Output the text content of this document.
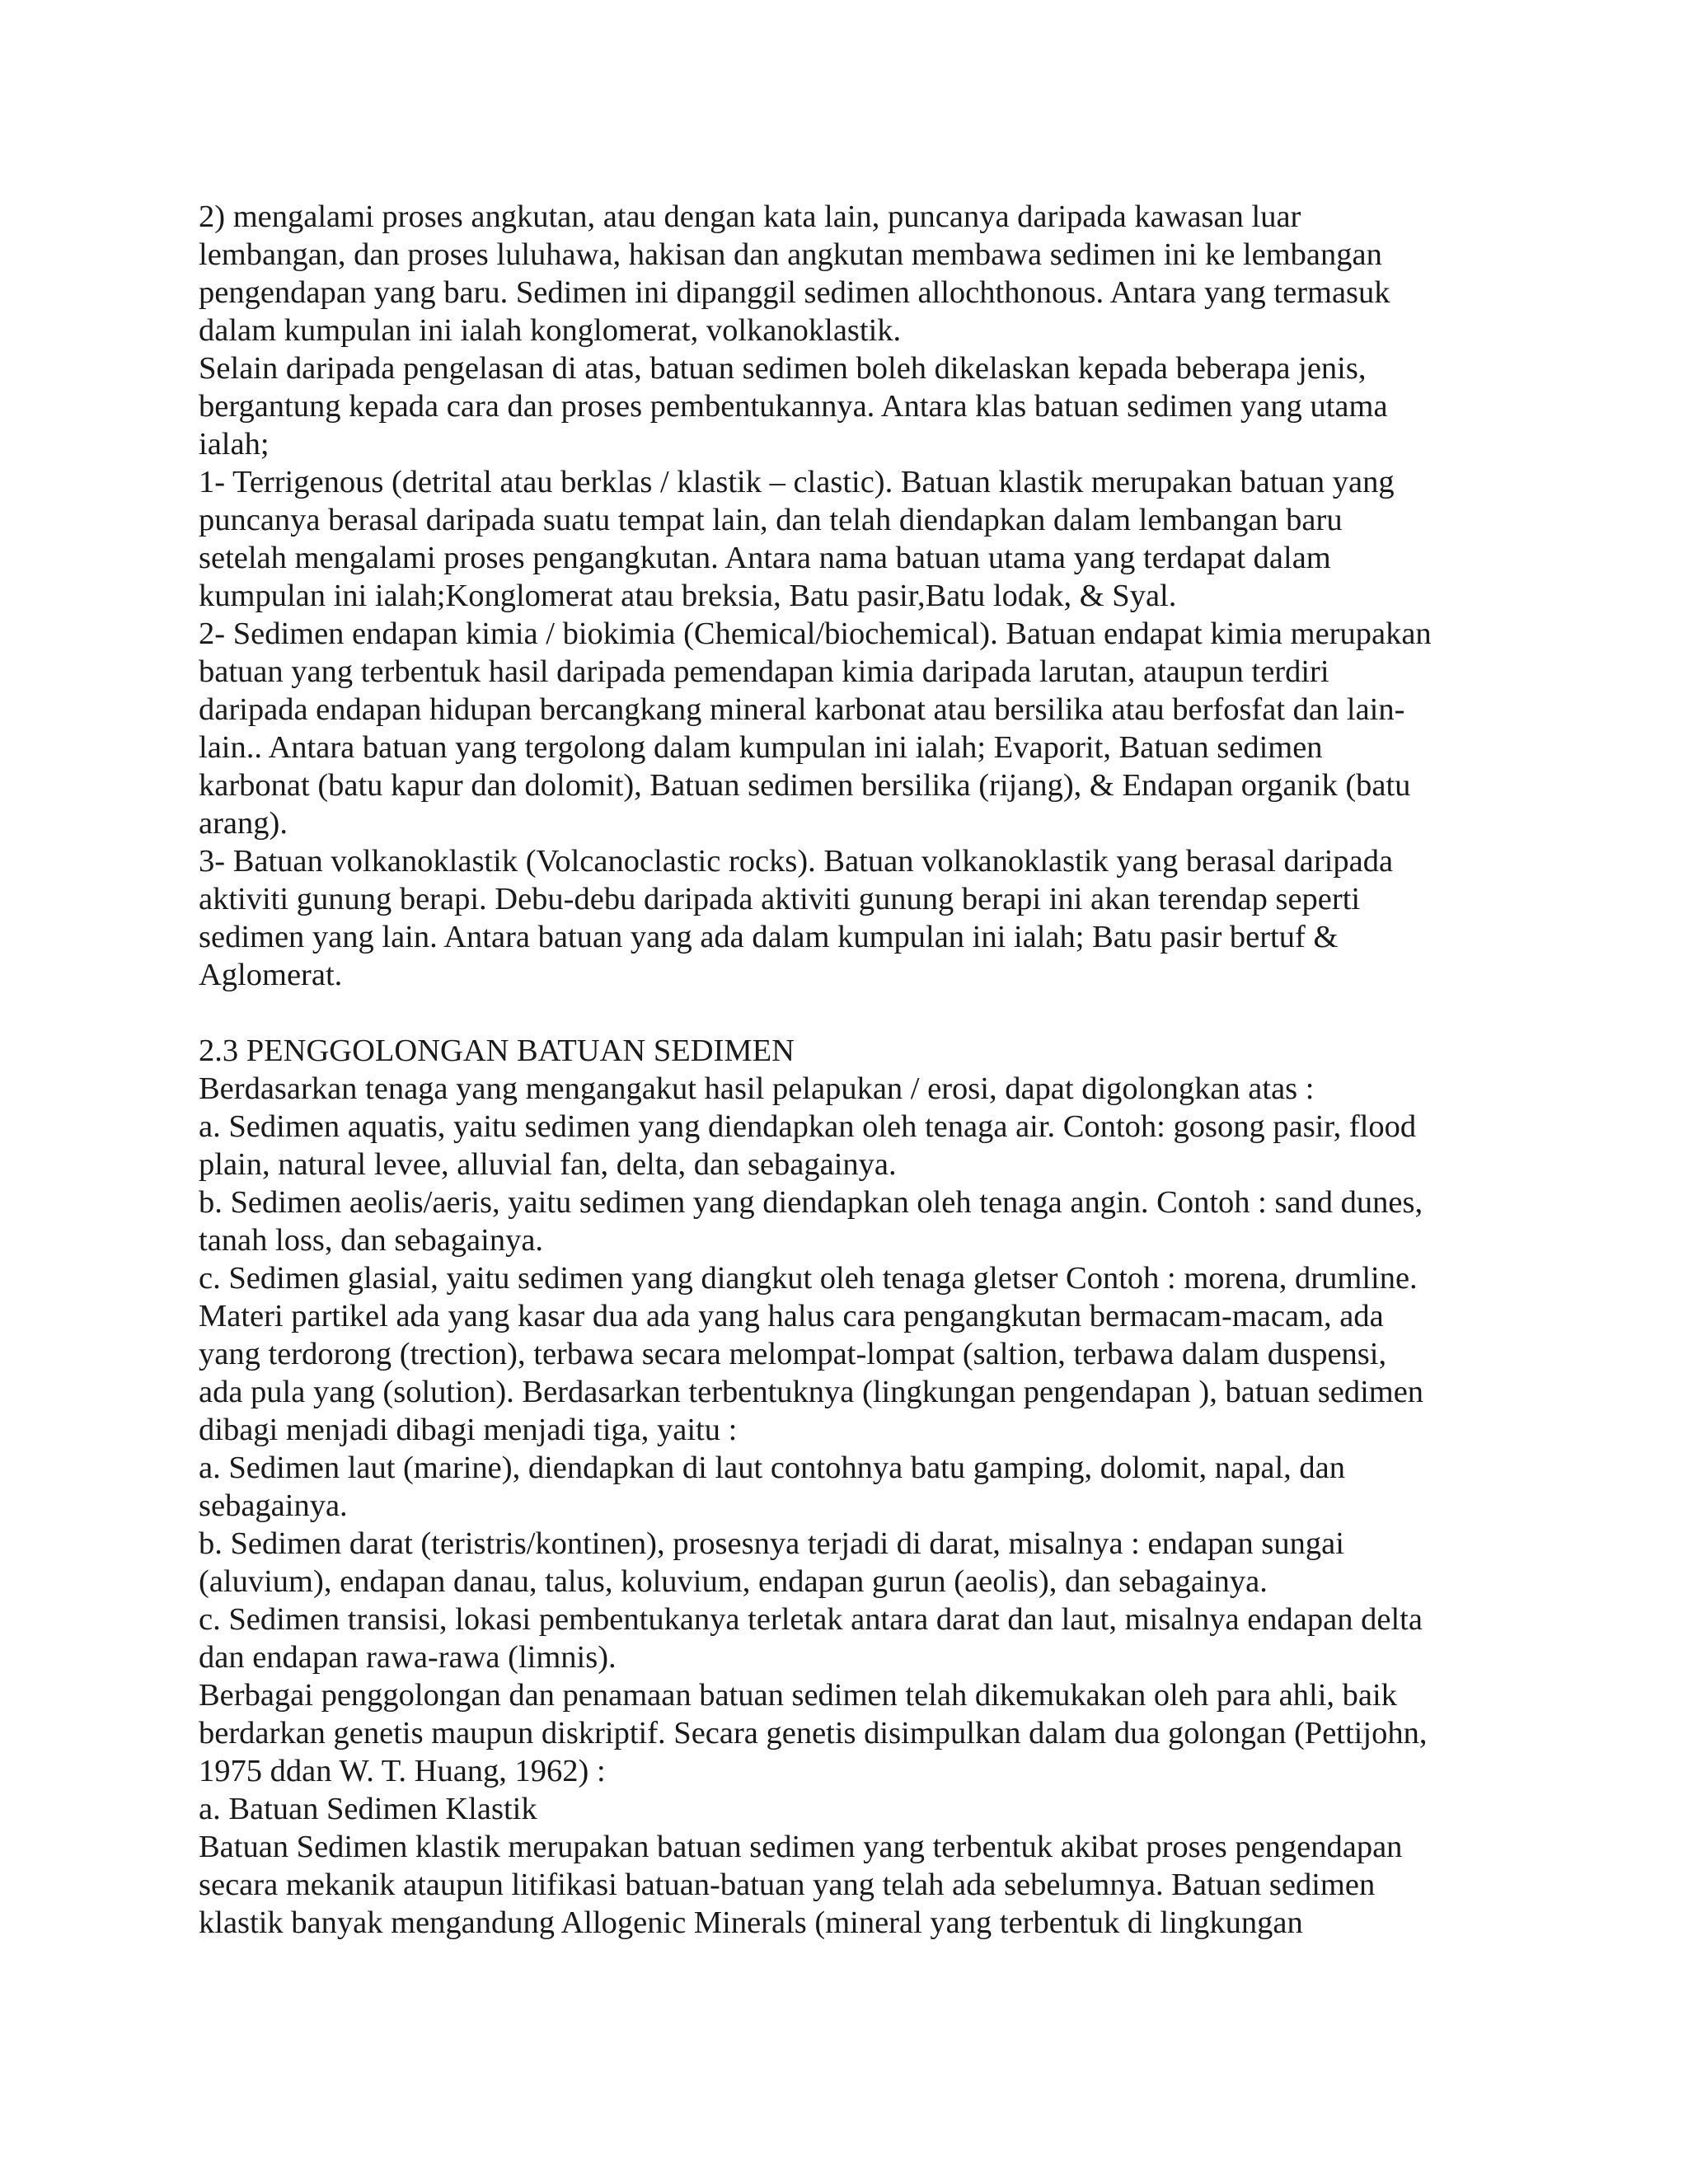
2) mengalami proses angkutan, atau dengan kata lain, puncanya daripada kawasan luar
lembangan, dan proses luluhawa, hakisan dan angkutan membawa sedimen ini ke lembangan
pengendapan yang baru. Sedimen ini dipanggil sedimen allochthonous. Antara yang termasuk
dalam kumpulan ini ialah konglomerat, volkanoklastik.
Selain daripada pengelasan di atas, batuan sedimen boleh dikelaskan kepada beberapa jenis,
bergantung kepada cara dan proses pembentukannya. Antara klas batuan sedimen yang utama
ialah;
1- Terrigenous (detrital atau berklas / klastik – clastic). Batuan klastik merupakan batuan yang
puncanya berasal daripada suatu tempat lain, dan telah diendapkan dalam lembangan baru
setelah mengalami proses pengangkutan. Antara nama batuan utama yang terdapat dalam
kumpulan ini ialah;Konglomerat atau breksia, Batu pasir,Batu lodak, & Syal.
2- Sedimen endapan kimia / biokimia (Chemical/biochemical). Batuan endapat kimia merupakan
batuan yang terbentuk hasil daripada pemendapan kimia daripada larutan, ataupun terdiri
daripada endapan hidupan bercangkang mineral karbonat atau bersilika atau berfosfat dan lain-
lain.. Antara batuan yang tergolong dalam kumpulan ini ialah; Evaporit, Batuan sedimen
karbonat (batu kapur dan dolomit), Batuan sedimen bersilika (rijang), & Endapan organik (batu
arang).
3- Batuan volkanoklastik (Volcanoclastic rocks). Batuan volkanoklastik yang berasal daripada
aktiviti gunung berapi. Debu-debu daripada aktiviti gunung berapi ini akan terendap seperti
sedimen yang lain. Antara batuan yang ada dalam kumpulan ini ialah; Batu pasir bertuf &
Aglomerat.
2.3 PENGGOLONGAN BATUAN SEDIMEN
Berdasarkan tenaga yang mengangakut hasil pelapukan / erosi, dapat digolongkan atas :
a. Sedimen aquatis, yaitu sedimen yang diendapkan oleh tenaga air. Contoh: gosong pasir, flood
plain, natural levee, alluvial fan, delta, dan sebagainya.
b. Sedimen aeolis/aeris, yaitu sedimen yang diendapkan oleh tenaga angin. Contoh : sand dunes,
tanah loss, dan sebagainya.
c. Sedimen glasial, yaitu sedimen yang diangkut oleh tenaga gletser Contoh : morena, drumline.
Materi partikel ada yang kasar dua ada yang halus cara pengangkutan bermacam-macam, ada
yang terdorong (trection), terbawa secara melompat-lompat (saltion, terbawa dalam duspensi,
ada pula yang (solution). Berdasarkan terbentuknya (lingkungan pengendapan ), batuan sedimen
dibagi menjadi dibagi menjadi tiga, yaitu :
a. Sedimen laut (marine), diendapkan di laut contohnya batu gamping, dolomit, napal, dan
sebagainya.
b. Sedimen darat (teristris/kontinen), prosesnya terjadi di darat, misalnya : endapan sungai
(aluvium), endapan danau, talus, koluvium, endapan gurun (aeolis), dan sebagainya.
c. Sedimen transisi, lokasi pembentukanya terletak antara darat dan laut, misalnya endapan delta
dan endapan rawa-rawa (limnis).
Berbagai penggolongan dan penamaan batuan sedimen telah dikemukakan oleh para ahli, baik
berdarkan genetis maupun diskriptif. Secara genetis disimpulkan dalam dua golongan (Pettijohn,
1975 ddan W. T. Huang, 1962) :
a. Batuan Sedimen Klastik
Batuan Sedimen klastik merupakan batuan sedimen yang terbentuk akibat proses pengendapan
secara mekanik ataupun litifikasi batuan-batuan yang telah ada sebelumnya. Batuan sedimen
klastik banyak mengandung Allogenic Minerals (mineral yang terbentuk di lingkungan
